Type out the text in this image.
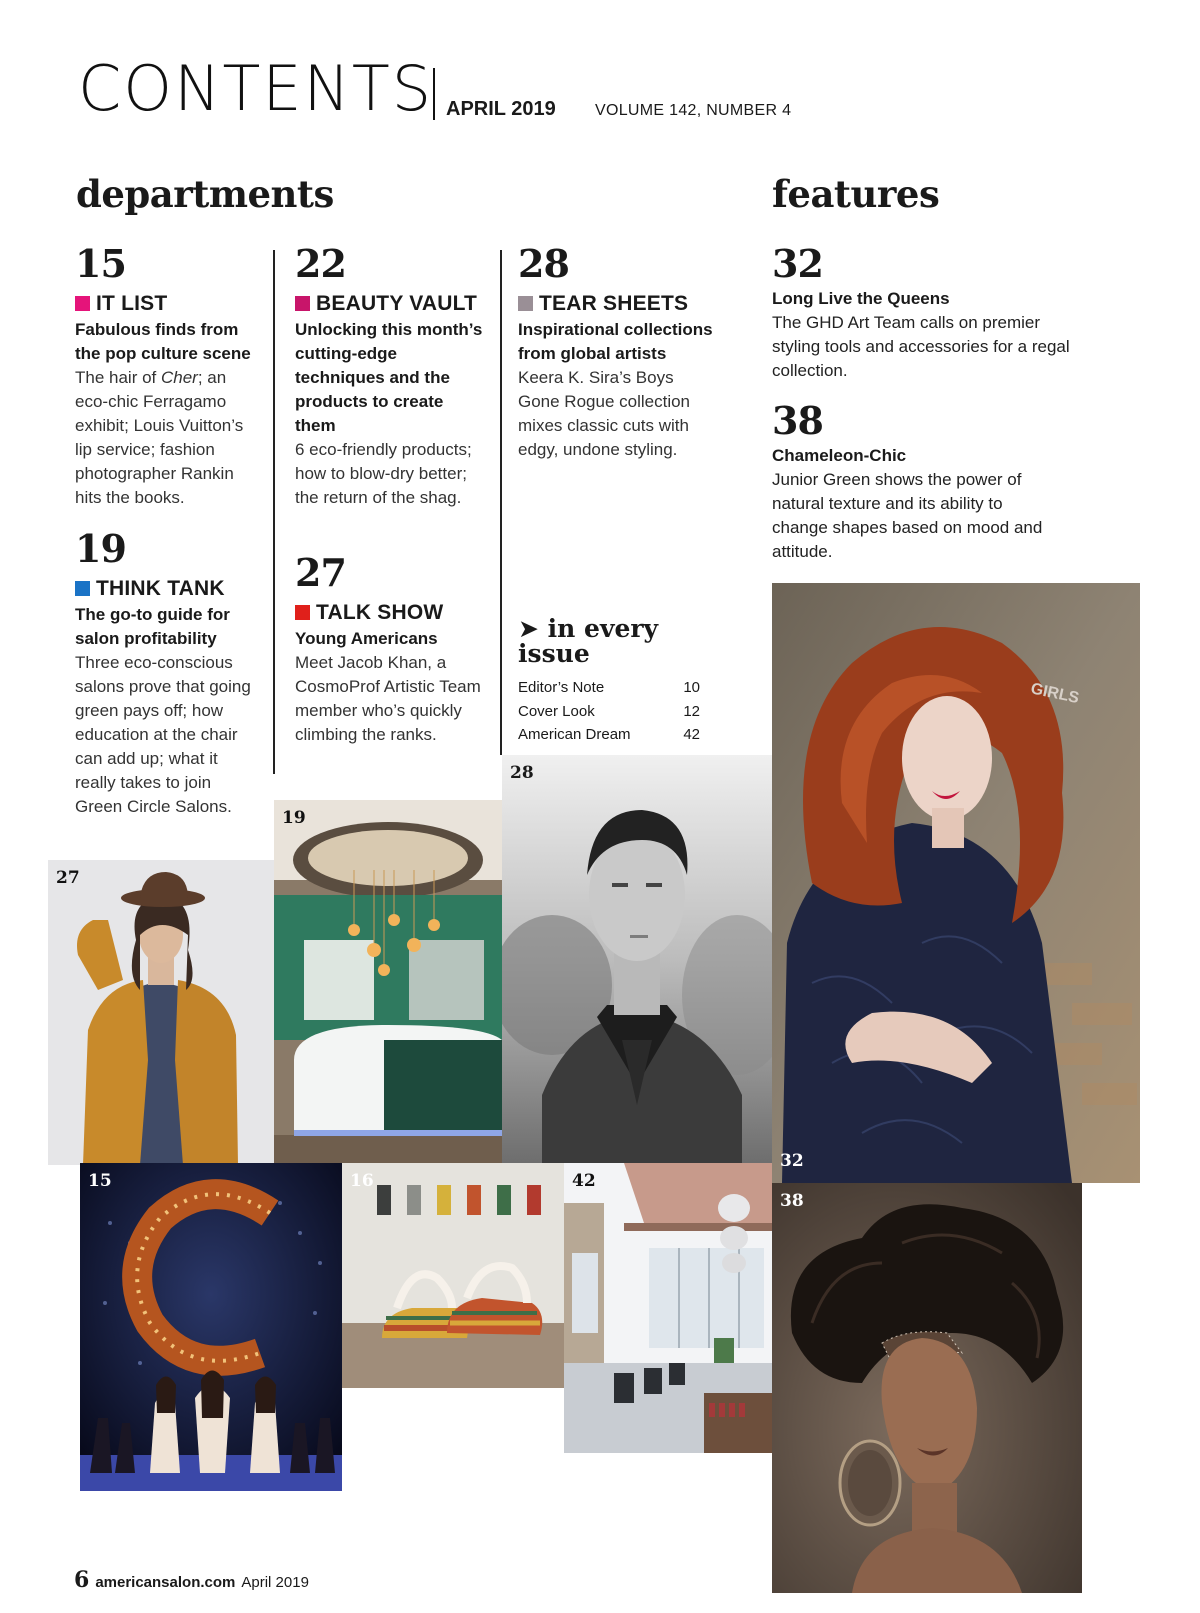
CONTENTS APRIL 2019 VOLUME 142, NUMBER 4
departments
15
IT LIST
Fabulous finds from the pop culture scene
The hair of Cher; an eco-chic Ferragamo exhibit; Louis Vuitton’s lip service; fashion photographer Rankin hits the books.
19
THINK TANK
The go-to guide for salon profitability
Three eco-conscious salons prove that going green pays off; how education at the chair can add up; what it really takes to join Green Circle Salons.
22
BEAUTY VAULT
Unlocking this month’s cutting-edge techniques and the products to create them
6 eco-friendly products; how to blow-dry better; the return of the shag.
27
TALK SHOW
Young Americans
Meet Jacob Khan, a CosmoProf Artistic Team member who’s quickly climbing the ranks.
28
TEAR SHEETS
Inspirational collections from global artists
Keera K. Sira’s Boys Gone Rogue collection mixes classic cuts with edgy, undone styling.
➤ in every issue
Editor’s Note	10
Cover Look	12
American Dream	42
features
32
Long Live the Queens
The GHD Art Team calls on premier styling tools and accessories for a regal collection.
38
Chameleon-Chic
Junior Green shows the power of natural texture and its ability to change shapes based on mood and attitude.
28
19
27
GIRLS
32
15	16	42
38
6 americansalon.com April 2019
